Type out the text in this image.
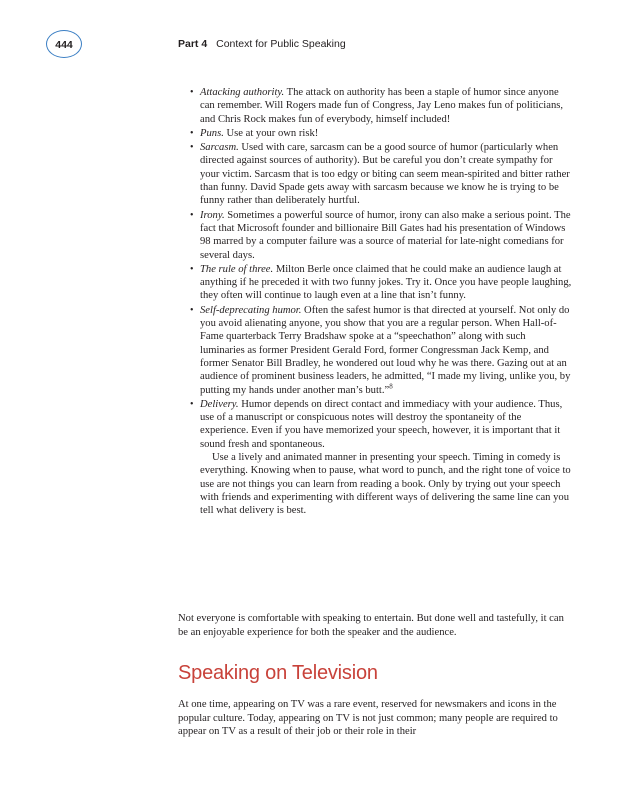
444	Part 4 Context for Public Speaking
• Attacking authority. The attack on authority has been a staple of humor since anyone can remember. Will Rogers made fun of Congress, Jay Leno makes fun of politicians, and Chris Rock makes fun of everybody, himself included!
• Puns. Use at your own risk!
• Sarcasm. Used with care, sarcasm can be a good source of humor (particularly when directed against sources of authority). But be careful you don’t create sympathy for your victim. Sarcasm that is too edgy or biting can seem mean-spirited and bitter rather than funny. David Spade gets away with sarcasm because we know he is trying to be funny rather than deliberately hurtful.
• Irony. Sometimes a powerful source of humor, irony can also make a serious point. The fact that Microsoft founder and billionaire Bill Gates had his presentation of Windows 98 marred by a computer failure was a source of material for late-night comedians for several days.
• The rule of three. Milton Berle once claimed that he could make an audience laugh at anything if he preceded it with two funny jokes. Try it. Once you have people laughing, they often will continue to laugh even at a line that isn’t funny.
• Self-deprecating humor. Often the safest humor is that directed at yourself. Not only do you avoid alienating anyone, you show that you are a regular person. When Hall-of-Fame quarterback Terry Bradshaw spoke at a “speechathon” along with such luminaries as former President Gerald Ford, former Congressman Jack Kemp, and former Senator Bill Bradley, he wondered out loud why he was there. Gazing out at an audience of prominent business leaders, he admitted, “I made my living, unlike you, by putting my hands under another man’s butt.”$^8$
• Delivery. Humor depends on direct contact and immediacy with your audience. Thus, use of a manuscript or conspicuous notes will destroy the spontaneity of the experience. Even if you have memorized your speech, however, it is important that it sound fresh and spontaneous.
Use a lively and animated manner in presenting your speech. Timing in comedy is everything. Knowing when to pause, what word to punch, and the right tone of voice to use are not things you can learn from reading a book. Only by trying out your speech with friends and experimenting with different ways of delivering the same line can you tell what delivery is best.

Not everyone is comfortable with speaking to entertain. But done well and tastefully, it can be an enjoyable experience for both the speaker and the audience.

Speaking on Television

At one time, appearing on TV was a rare event, reserved for newsmakers and icons in the popular culture. Today, appearing on TV is not just common; many people are required to appear on TV as a result of their job or their role in their
